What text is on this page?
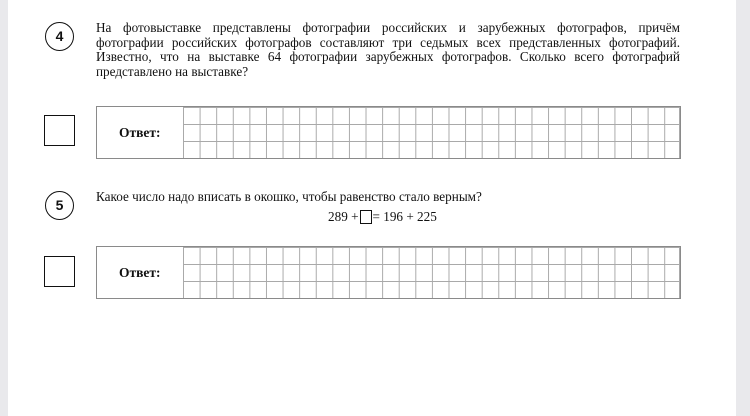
4

На фотовыставке представлены фотографии российских и зарубежных фотографов, причём фотографии российских фотографов составляют три седьмых всех представленных фотографий. Известно, что на выставке 64 фотографии зарубежных фотографов. Сколько всего фотографий представлено на выставке?

Ответ:
5

Какое число надо вписать в окошко, чтобы равенство стало верным?

289 + = 196 + 225
Ответ:
